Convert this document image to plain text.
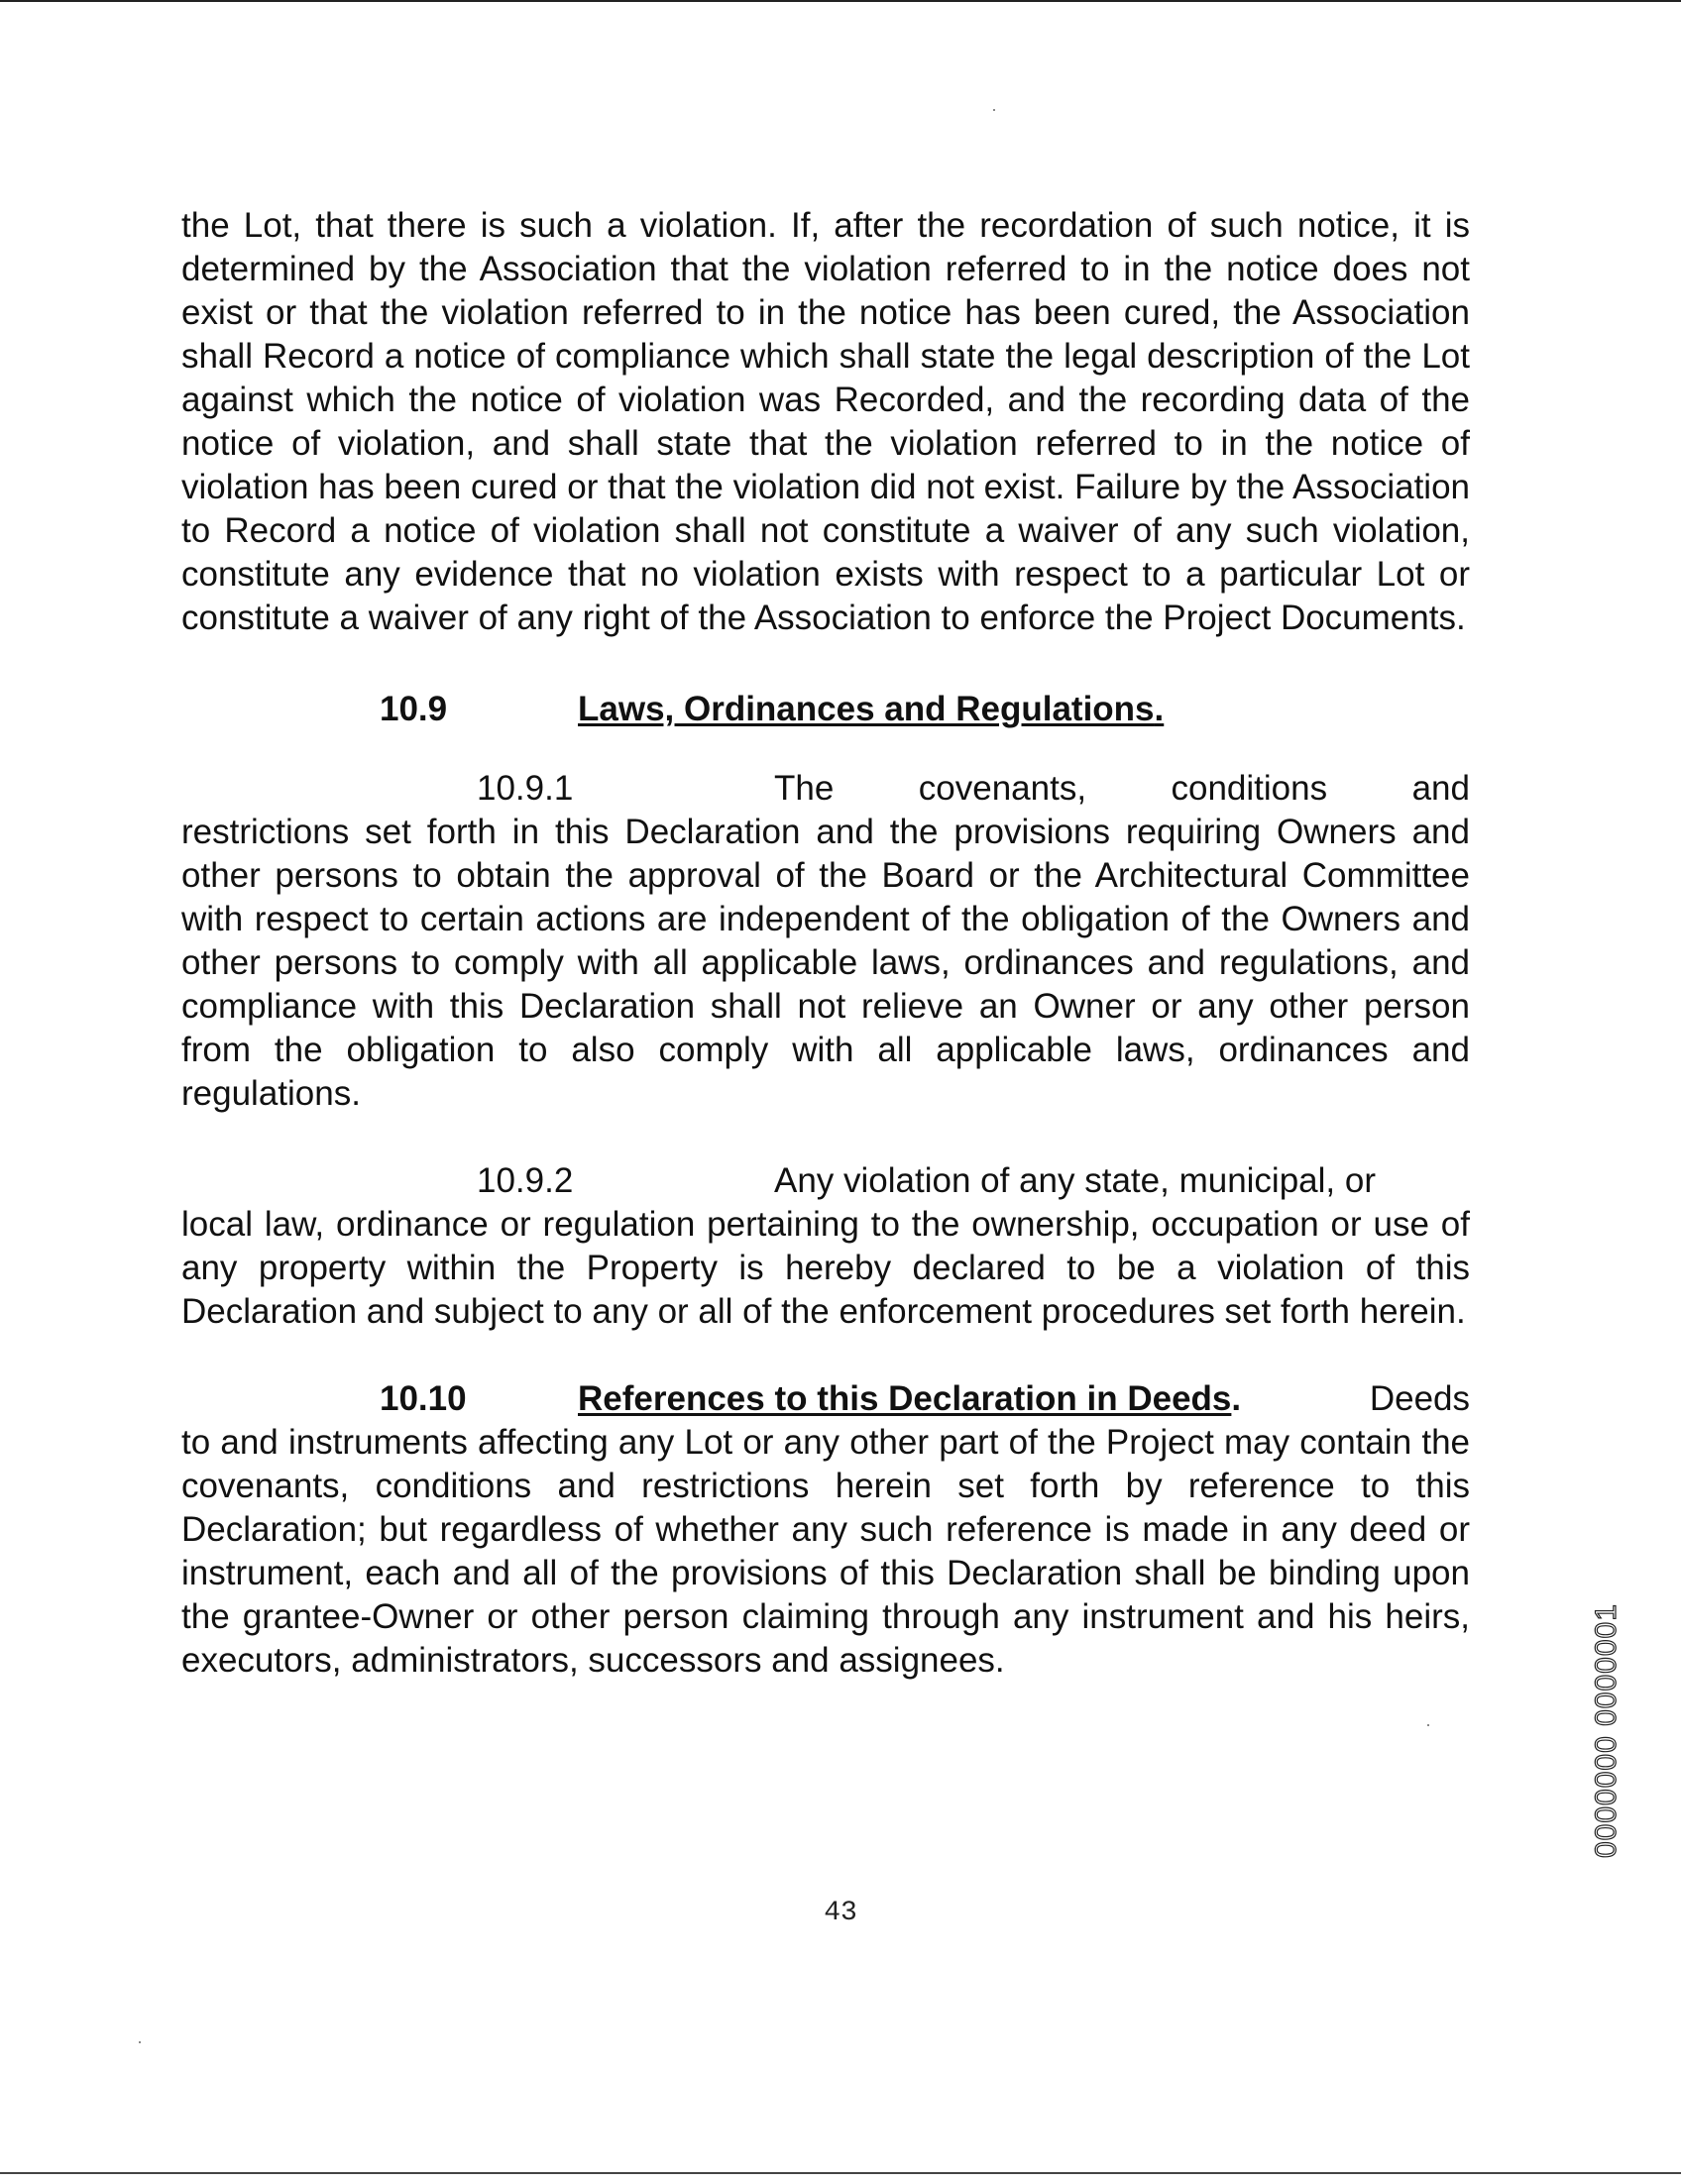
the Lot, that there is such a violation. If, after the recordation of such notice, it is determined by the Association that the violation referred to in the notice does not exist or that the violation referred to in the notice has been cured, the Association shall Record a notice of compliance which shall state the legal description of the Lot against which the notice of violation was Recorded, and the recording data of the notice of violation, and shall state that the violation referred to in the notice of violation has been cured or that the violation did not exist. Failure by the Association to Record a notice of violation shall not constitute a waiver of any such violation, constitute any evidence that no violation exists with respect to a particular Lot or constitute a waiver of any right of the Association to enforce the Project Documents.

10.9	Laws, Ordinances and Regulations.
10.9.1	The covenants, conditions and

restrictions set forth in this Declaration and the provisions requiring Owners and other persons to obtain the approval of the Board or the Architectural Committee with respect to certain actions are independent of the obligation of the Owners and other persons to comply with all applicable laws, ordinances and regulations, and compliance with this Declaration shall not relieve an Owner or any other person from the obligation to also comply with all applicable laws, ordinances and regulations.

10.9.2	Any violation of any state, municipal, or

local law, ordinance or regulation pertaining to the ownership, occupation or use of any property within the Property is hereby declared to be a violation of this Declaration and subject to any or all of the enforcement procedures set forth herein.

10.10	References to this Declaration in Deeds.	Deeds

to and instruments affecting any Lot or any other part of the Project may contain the covenants, conditions and restrictions herein set forth by reference to this Declaration; but regardless of whether any such reference is made in any deed or instrument, each and all of the provisions of this Declaration shall be binding upon the grantee-Owner or other person claiming through any instrument and his heirs, executors, administrators, successors and assignees.

43
0000000 0000001
